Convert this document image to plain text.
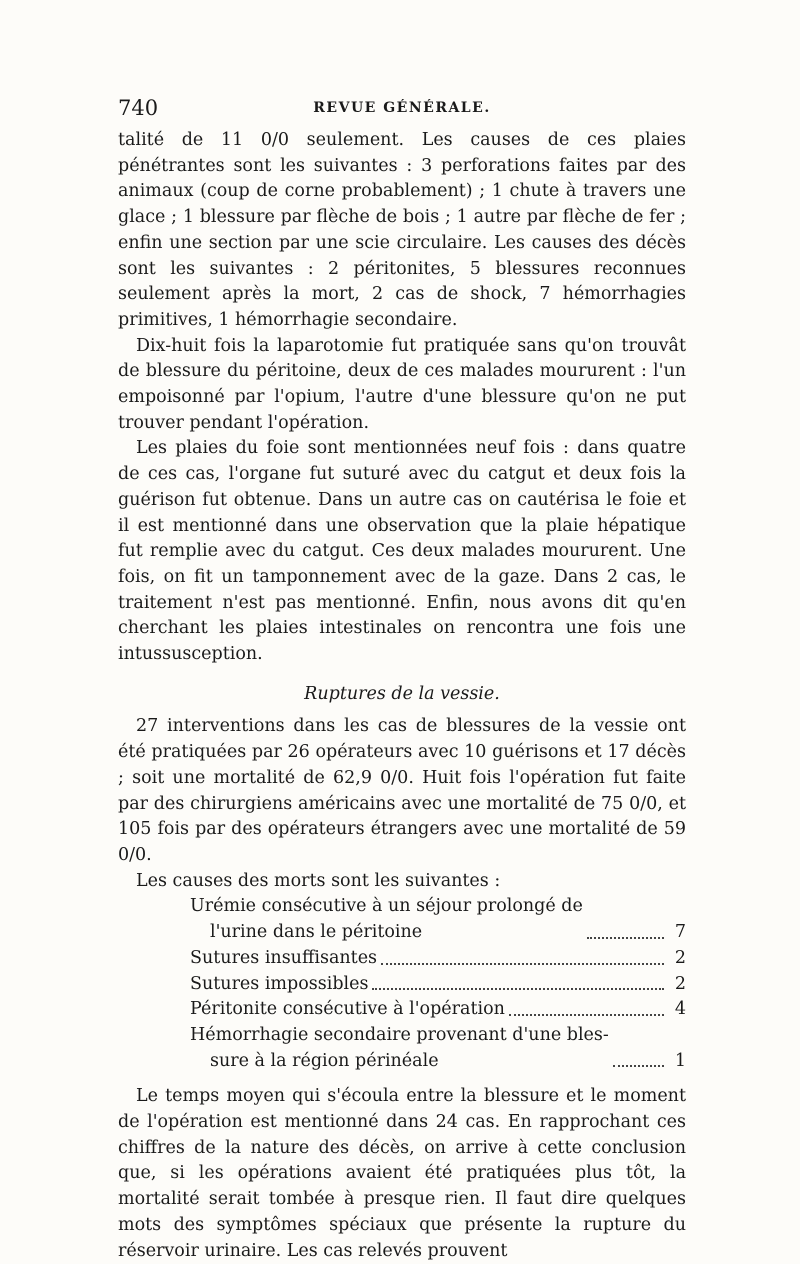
740	REVUE GÉNÉRALE.

talité de 11 0/0 seulement. Les causes de ces plaies pénétrantes sont les suivantes : 3 perforations faites par des animaux (coup de corne probablement) ; 1 chute à travers une glace ; 1 blessure par flèche de bois ; 1 autre par flèche de fer ; enfin une section par une scie circulaire. Les causes des décès sont les suivantes : 2 péritonites, 5 blessures reconnues seulement après la mort, 2 cas de shock, 7 hémorrhagies primitives, 1 hémorrhagie secondaire.

Dix-huit fois la laparotomie fut pratiquée sans qu'on trouvât de blessure du péritoine, deux de ces malades moururent : l'un empoisonné par l'opium, l'autre d'une blessure qu'on ne put trouver pendant l'opération.

Les plaies du foie sont mentionnées neuf fois : dans quatre de ces cas, l'organe fut suturé avec du catgut et deux fois la guérison fut obtenue. Dans un autre cas on cautérisa le foie et il est mentionné dans une observation que la plaie hépatique fut remplie avec du catgut. Ces deux malades moururent. Une fois, on fit un tamponnement avec de la gaze. Dans 2 cas, le traitement n'est pas mentionné. Enfin, nous avons dit qu'en cherchant les plaies intestinales on rencontra une fois une intussusception.

Ruptures de la vessie.

27 interventions dans les cas de blessures de la vessie ont été pratiquées par 26 opérateurs avec 10 guérisons et 17 décès ; soit une mortalité de 62,9 0/0. Huit fois l'opération fut faite par des chirurgiens américains avec une mortalité de 75 0/0, et 105 fois par des opérateurs étrangers avec une mortalité de 59 0/0.

Les causes des morts sont les suivantes :

Urémie consécutive à un séjour prolongé de
l'urine dans le péritoine	7
Sutures insuffisantes	2
Sutures impossibles	2
Péritonite consécutive à l'opération	4
Hémorrhagie secondaire provenant d'une bles-
sure à la région périnéale	1

Le temps moyen qui s'écoula entre la blessure et le moment de l'opération est mentionné dans 24 cas. En rapprochant ces chiffres de la nature des décès, on arrive à cette conclusion que, si les opérations avaient été pratiquées plus tôt, la mortalité serait tombée à presque rien. Il faut dire quelques mots des symptômes spéciaux que présente la rupture du réservoir urinaire. Les cas relevés prouvent
